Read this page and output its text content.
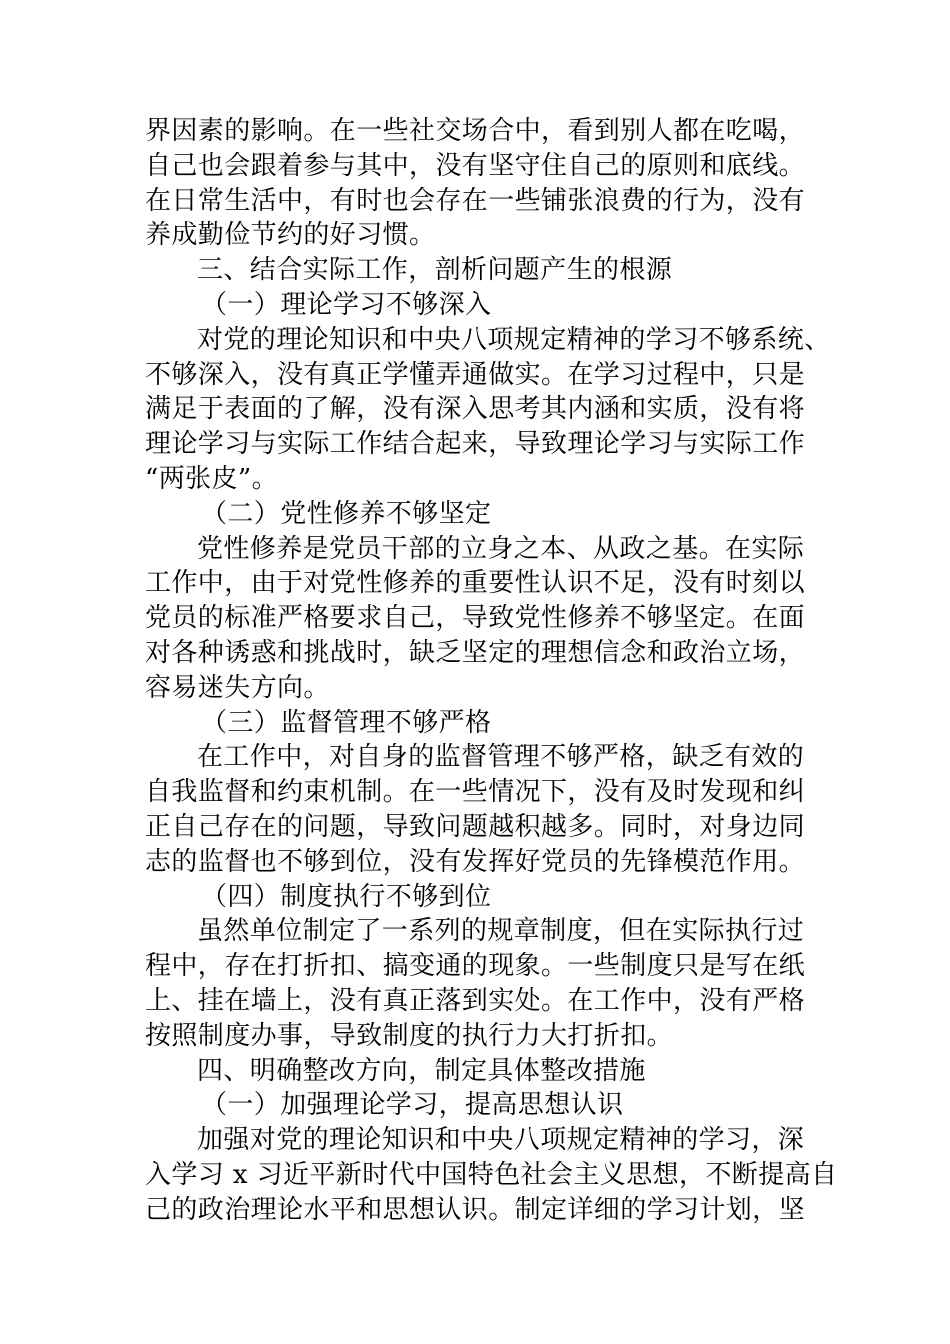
界因素的影响。在一些社交场合中，看到别人都在吃喝，
自己也会跟着参与其中，没有坚守住自己的原则和底线。
在日常生活中，有时也会存在一些铺张浪费的行为，没有
养成勤俭节约的好习惯。
三、结合实际工作，剖析问题产生的根源
（一）理论学习不够深入
对党的理论知识和中央八项规定精神的学习不够系统、
不够深入，没有真正学懂弄通做实。在学习过程中，只是
满足于表面的了解，没有深入思考其内涵和实质，没有将
理论学习与实际工作结合起来，导致理论学习与实际工作
“两张皮”。
（二）党性修养不够坚定
党性修养是党员干部的立身之本、从政之基。在实际
工作中，由于对党性修养的重要性认识不足，没有时刻以
党员的标准严格要求自己，导致党性修养不够坚定。在面
对各种诱惑和挑战时，缺乏坚定的理想信念和政治立场，
容易迷失方向。
（三）监督管理不够严格
在工作中，对自身的监督管理不够严格，缺乏有效的
自我监督和约束机制。在一些情况下，没有及时发现和纠
正自己存在的问题，导致问题越积越多。同时，对身边同
志的监督也不够到位，没有发挥好党员的先锋模范作用。
（四）制度执行不够到位
虽然单位制定了一系列的规章制度，但在实际执行过
程中，存在打折扣、搞变通的现象。一些制度只是写在纸
上、挂在墙上，没有真正落到实处。在工作中，没有严格
按照制度办事，导致制度的执行力大打折扣。
四、明确整改方向，制定具体整改措施
（一）加强理论学习，提高思想认识
加强对党的理论知识和中央八项规定精神的学习，深
入学习 x 习近平新时代中国特色社会主义思想，不断提高自
己的政治理论水平和思想认识。制定详细的学习计划，坚
